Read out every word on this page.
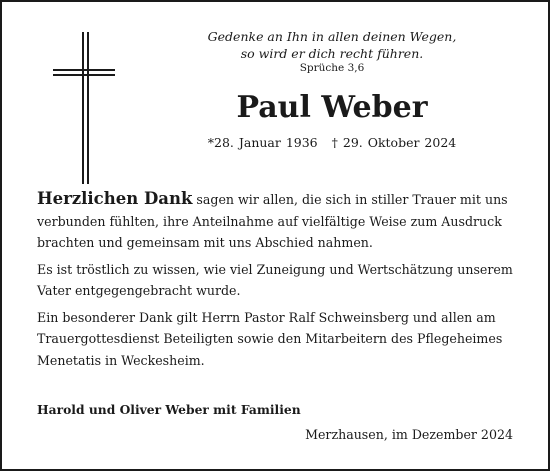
Gedenke an Ihn in allen deinen Wegen,
so wird er dich recht führen.
Sprüche 3,6
Paul Weber
*28. Januar 1936 † 29. Oktober 2024

Herzlichen Dank sagen wir allen, die sich in stiller Trauer mit uns verbunden fühlten, ihre Anteilnahme auf vielfältige Weise zum Ausdruck brachten und gemeinsam mit uns Abschied nahmen.

Es ist tröstlich zu wissen, wie viel Zuneigung und Wertschätzung unserem Vater entgegengebracht wurde.

Ein besonderer Dank gilt Herrn Pastor Ralf Schweinsberg und allen am Trauergottesdienst Beteiligten sowie den Mitarbeitern des Pflegeheimes Menetatis in Weckesheim.

Harold und Oliver Weber mit Familien
Merzhausen, im Dezember 2024
